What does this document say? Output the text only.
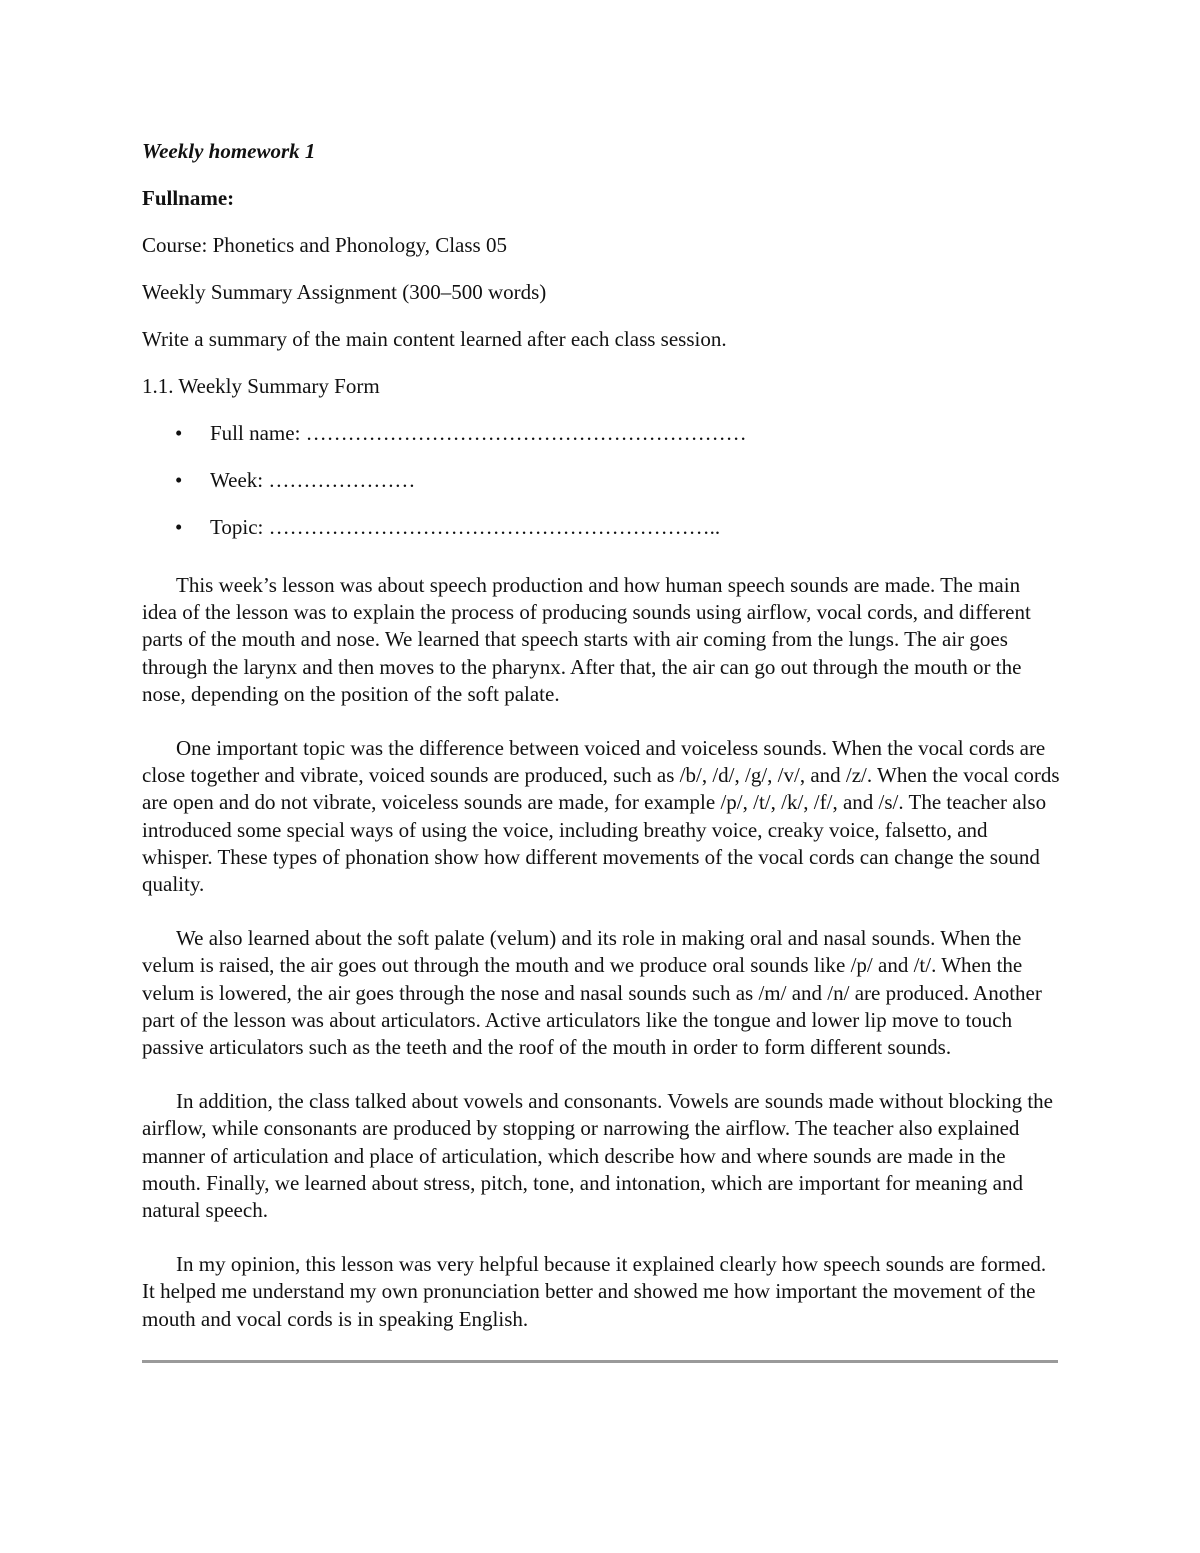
Weekly homework 1

Fullname:

Course: Phonetics and Phonology, Class 05

Weekly Summary Assignment (300–500 words)

Write a summary of the main content learned after each class session.

1.1. Weekly Summary Form

• Full name: ………………………………………………………
• Week: …………………
• Topic: ………………………………………………………..

This week’s lesson was about speech production and how human speech sounds are made. The main idea of the lesson was to explain the process of producing sounds using airflow, vocal cords, and different parts of the mouth and nose. We learned that speech starts with air coming from the lungs. The air goes through the larynx and then moves to the pharynx. After that, the air can go out through the mouth or the nose, depending on the position of the soft palate.

One important topic was the difference between voiced and voiceless sounds. When the vocal cords are close together and vibrate, voiced sounds are produced, such as /b/, /d/, /g/, /v/, and /z/. When the vocal cords are open and do not vibrate, voiceless sounds are made, for example /p/, /t/, /k/, /f/, and /s/. The teacher also introduced some special ways of using the voice, including breathy voice, creaky voice, falsetto, and whisper. These types of phonation show how different movements of the vocal cords can change the sound quality.

We also learned about the soft palate (velum) and its role in making oral and nasal sounds. When the velum is raised, the air goes out through the mouth and we produce oral sounds like /p/ and /t/. When the velum is lowered, the air goes through the nose and nasal sounds such as /m/ and /n/ are produced. Another part of the lesson was about articulators. Active articulators like the tongue and lower lip move to touch passive articulators such as the teeth and the roof of the mouth in order to form different sounds.

In addition, the class talked about vowels and consonants. Vowels are sounds made without blocking the airflow, while consonants are produced by stopping or narrowing the airflow. The teacher also explained manner of articulation and place of articulation, which describe how and where sounds are made in the mouth. Finally, we learned about stress, pitch, tone, and intonation, which are important for meaning and natural speech.

In my opinion, this lesson was very helpful because it explained clearly how speech sounds are formed. It helped me understand my own pronunciation better and showed me how important the movement of the mouth and vocal cords is in speaking English.
